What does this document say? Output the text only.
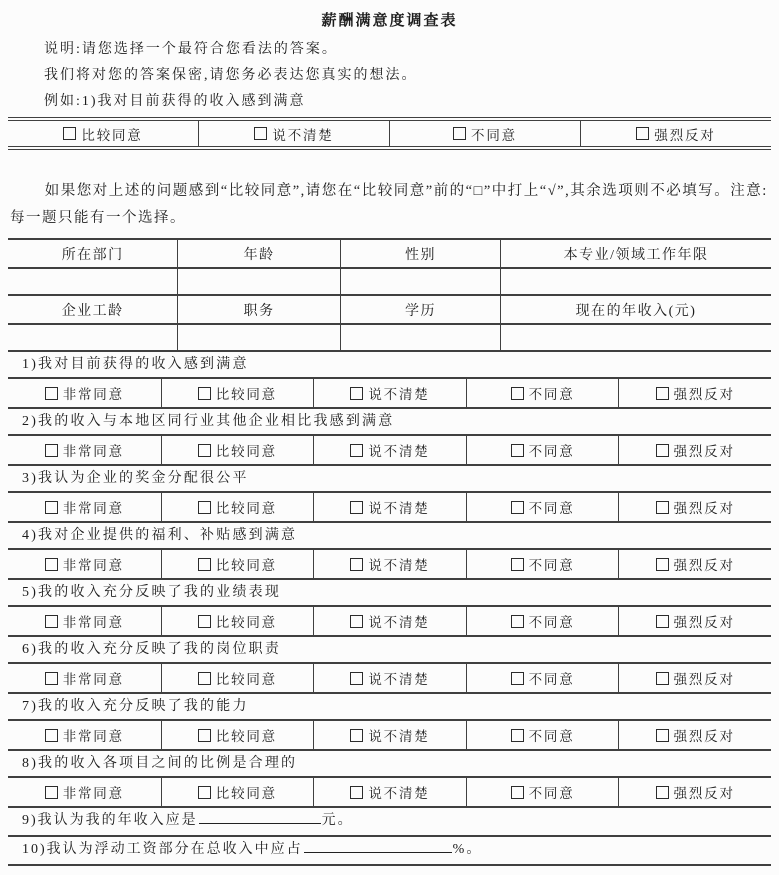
薪酬满意度调查表

说明:请您选择一个最符合您看法的答案。

我们将对您的答案保密,请您务必表达您真实的想法。

例如:1)我对目前获得的收入感到满意

比较同意	说不清楚	不同意	强烈反对

如果您对上述的问题感到“比较同意”,请您在“比较同意”前的“□”中打上“√”,其余选项则不必填写。注意:每一题只能有一个选择。

所在部门	年龄	性别	本专业/领域工作年限
企业工龄	职务	学历	现在的年收入(元)
1)我对目前获得的收入感到满意
非常同意	比较同意	说不清楚	不同意	强烈反对
2)我的收入与本地区同行业其他企业相比我感到满意
非常同意	比较同意	说不清楚	不同意	强烈反对
3)我认为企业的奖金分配很公平
非常同意	比较同意	说不清楚	不同意	强烈反对
4)我对企业提供的福利、补贴感到满意
非常同意	比较同意	说不清楚	不同意	强烈反对
5)我的收入充分反映了我的业绩表现
非常同意	比较同意	说不清楚	不同意	强烈反对
6)我的收入充分反映了我的岗位职责
非常同意	比较同意	说不清楚	不同意	强烈反对
7)我的收入充分反映了我的能力
非常同意	比较同意	说不清楚	不同意	强烈反对
8)我的收入各项目之间的比例是合理的
非常同意	比较同意	说不清楚	不同意	强烈反对
9)我认为我的年收入应是	元。
10)我认为浮动工资部分在总收入中应占	%。
